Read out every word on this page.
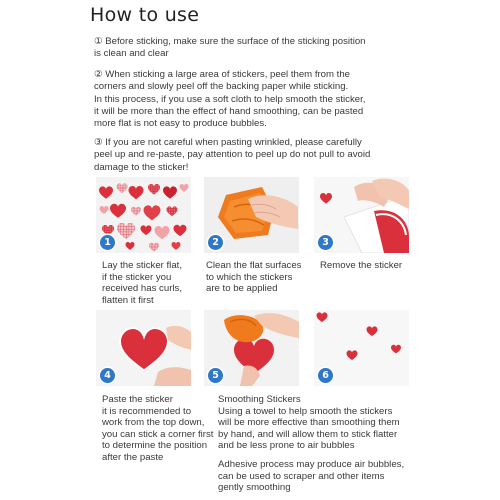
How to use

① Before sticking, make sure the surface of the sticking position
is clean and clear

② When sticking a large area of stickers, peel them from the
corners and slowly peel off the backing paper while sticking.
In this process, if you use a soft cloth to help smooth the sticker,
it will be more than the effect of hand smoothing, can be pasted
more flat is not easy to produce bubbles.

③ If you are not careful when pasting wrinkled, please carefully
peel up and re-paste, pay attention to peel up do not pull to avoid
damage to the sticker!

1	2	3
Lay the sticker flat,
if the sticker you
received has curls,
flatten it first
Clean the flat surfaces
to which the stickers
are to be applied
Remove the sticker
4	5	6
Paste the sticker
it is recommended to
work from the top down,
you can stick a corner first
to determine the position
after the paste
Smoothing Stickers
Using a towel to help smooth the stickers
will be more effective than smoothing them
by hand, and will allow them to stick flatter
and be less prone to air bubbles
Adhesive process may produce air bubbles,
can be used to scraper and other items
gently smoothing
